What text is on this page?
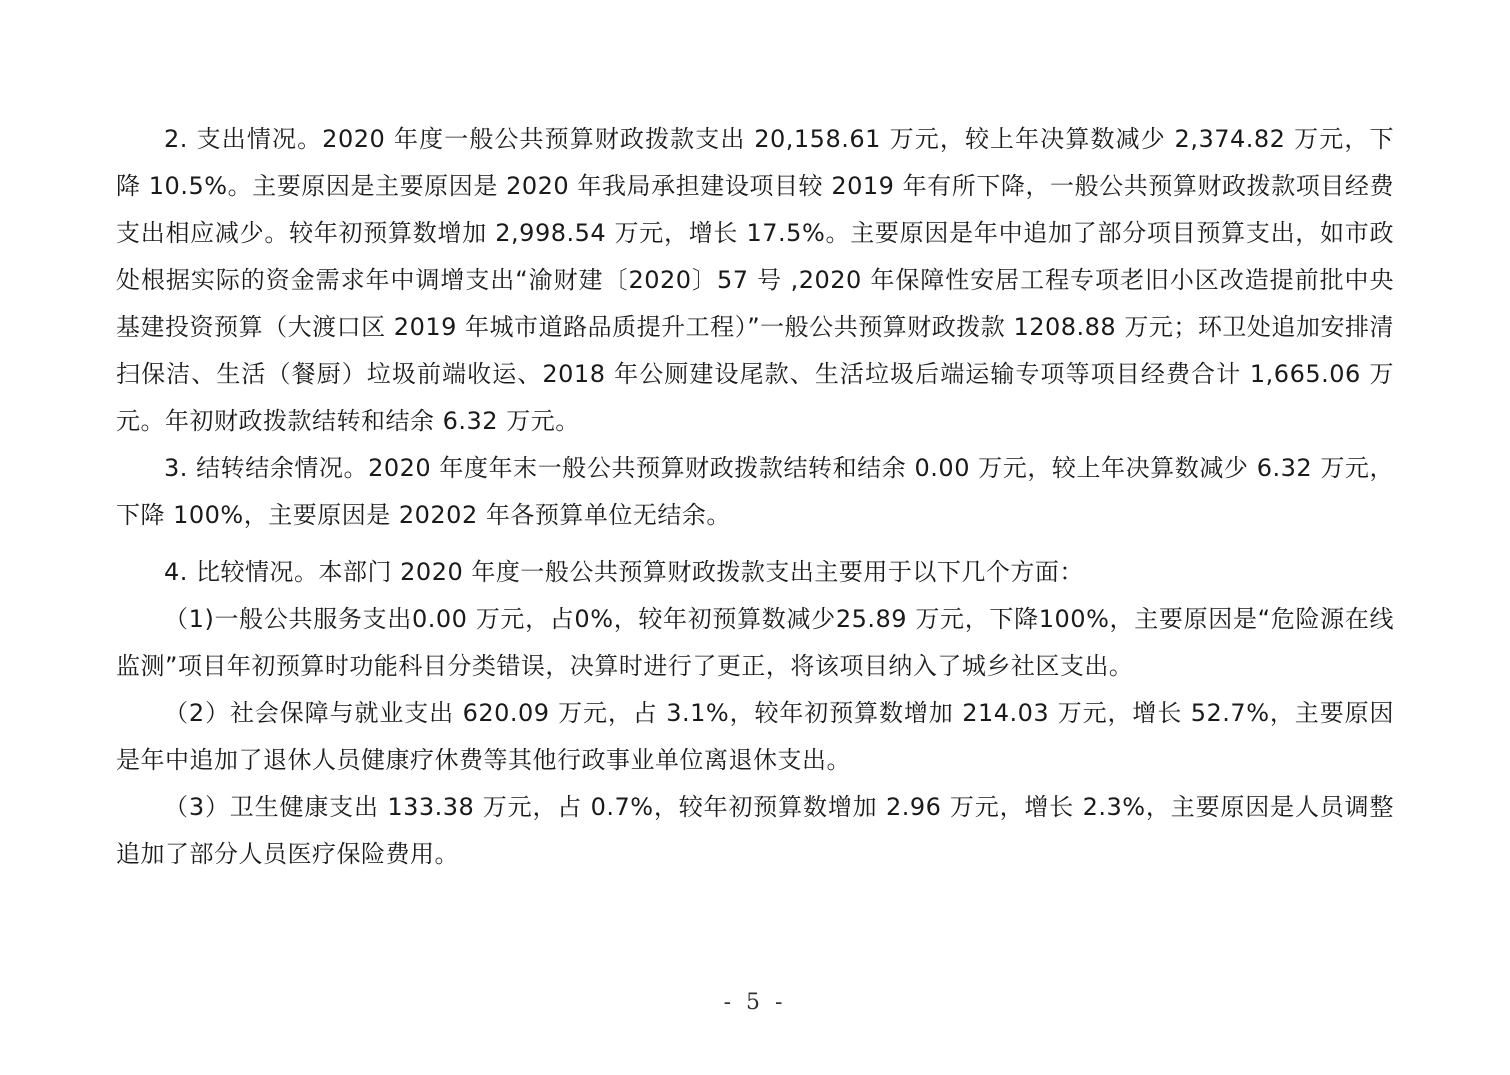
2. 支出情况。2020 年度一般公共预算财政拨款支出 20,158.61 万元，较上年决算数减少 2,374.82 万元，下降 10.5%。主要原因是主要原因是 2020 年我局承担建设项目较 2019 年有所下降，一般公共预算财政拨款项目经费支出相应减少。较年初预算数增加 2,998.54 万元，增长 17.5%。主要原因是年中追加了部分项目预算支出，如市政处根据实际的资金需求年中调增支出“渝财建〔2020〕57 号 ,2020 年保障性安居工程专项老旧小区改造提前批中央基建投资预算（大渡口区 2019 年城市道路品质提升工程）”一般公共预算财政拨款 1208.88 万元；环卫处追加安排清扫保洁、生活（餐厨）垃圾前端收运、2018 年公厕建设尾款、生活垃圾后端运输专项等项目经费合计 1,665.06 万元。年初财政拨款结转和结余 6.32 万元。

3. 结转结余情况。2020 年度年末一般公共预算财政拨款结转和结余 0.00 万元，较上年决算数减少 6.32 万元，下降 100%，主要原因是 20202 年各预算单位无结余。

4. 比较情况。本部门 2020 年度一般公共预算财政拨款支出主要用于以下几个方面：

（1)一般公共服务支出0.00 万元，占0%，较年初预算数减少25.89 万元，下降100%，主要原因是“危险源在线监测”项目年初预算时功能科目分类错误，决算时进行了更正，将该项目纳入了城乡社区支出。

（2）社会保障与就业支出 620.09 万元，占 3.1%，较年初预算数增加 214.03 万元，增长 52.7%，主要原因是年中追加了退休人员健康疗休费等其他行政事业单位离退休支出。

（3）卫生健康支出 133.38 万元，占 0.7%，较年初预算数增加 2.96 万元，增长 2.3%，主要原因是人员调整追加了部分人员医疗保险费用。

- 5 -
